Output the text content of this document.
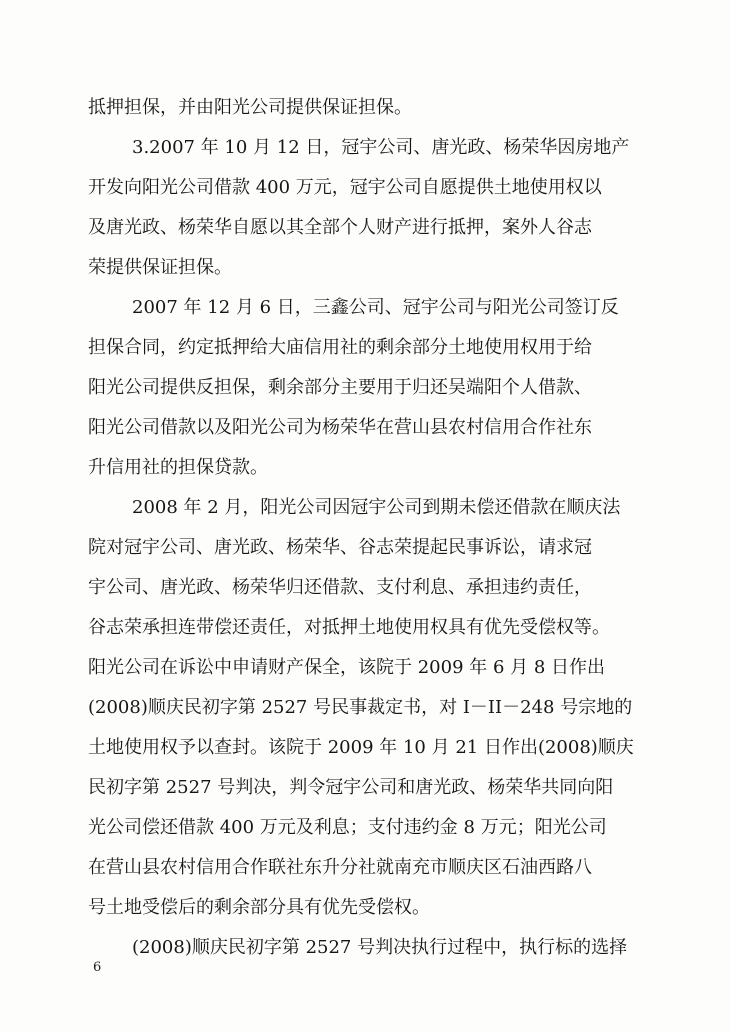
抵押担保，并由阳光公司提供保证担保。
3.2007 年 10 月 12 日，冠宇公司、唐光政、杨荣华因房地产
开发向阳光公司借款 400 万元，冠宇公司自愿提供土地使用权以
及唐光政、杨荣华自愿以其全部个人财产进行抵押，案外人谷志
荣提供保证担保。
2007 年 12 月 6 日，三鑫公司、冠宇公司与阳光公司签订反
担保合同，约定抵押给大庙信用社的剩余部分土地使用权用于给
阳光公司提供反担保，剩余部分主要用于归还吴端阳个人借款、
阳光公司借款以及阳光公司为杨荣华在营山县农村信用合作社东
升信用社的担保贷款。
2008 年 2 月，阳光公司因冠宇公司到期未偿还借款在顺庆法
院对冠宇公司、唐光政、杨荣华、谷志荣提起民事诉讼，请求冠
宇公司、唐光政、杨荣华归还借款、支付利息、承担违约责任，
谷志荣承担连带偿还责任，对抵押土地使用权具有优先受偿权等。
阳光公司在诉讼中申请财产保全，该院于 2009 年 6 月 8 日作出
(2008)顺庆民初字第 2527 号民事裁定书，对 I－II－248 号宗地的
土地使用权予以查封。该院于 2009 年 10 月 21 日作出(2008)顺庆
民初字第 2527 号判决，判令冠宇公司和唐光政、杨荣华共同向阳
光公司偿还借款 400 万元及利息；支付违约金 8 万元；阳光公司
在营山县农村信用合作联社东升分社就南充市顺庆区石油西路八
号土地受偿后的剩余部分具有优先受偿权。
(2008)顺庆民初字第 2527 号判决执行过程中，执行标的选择
6
